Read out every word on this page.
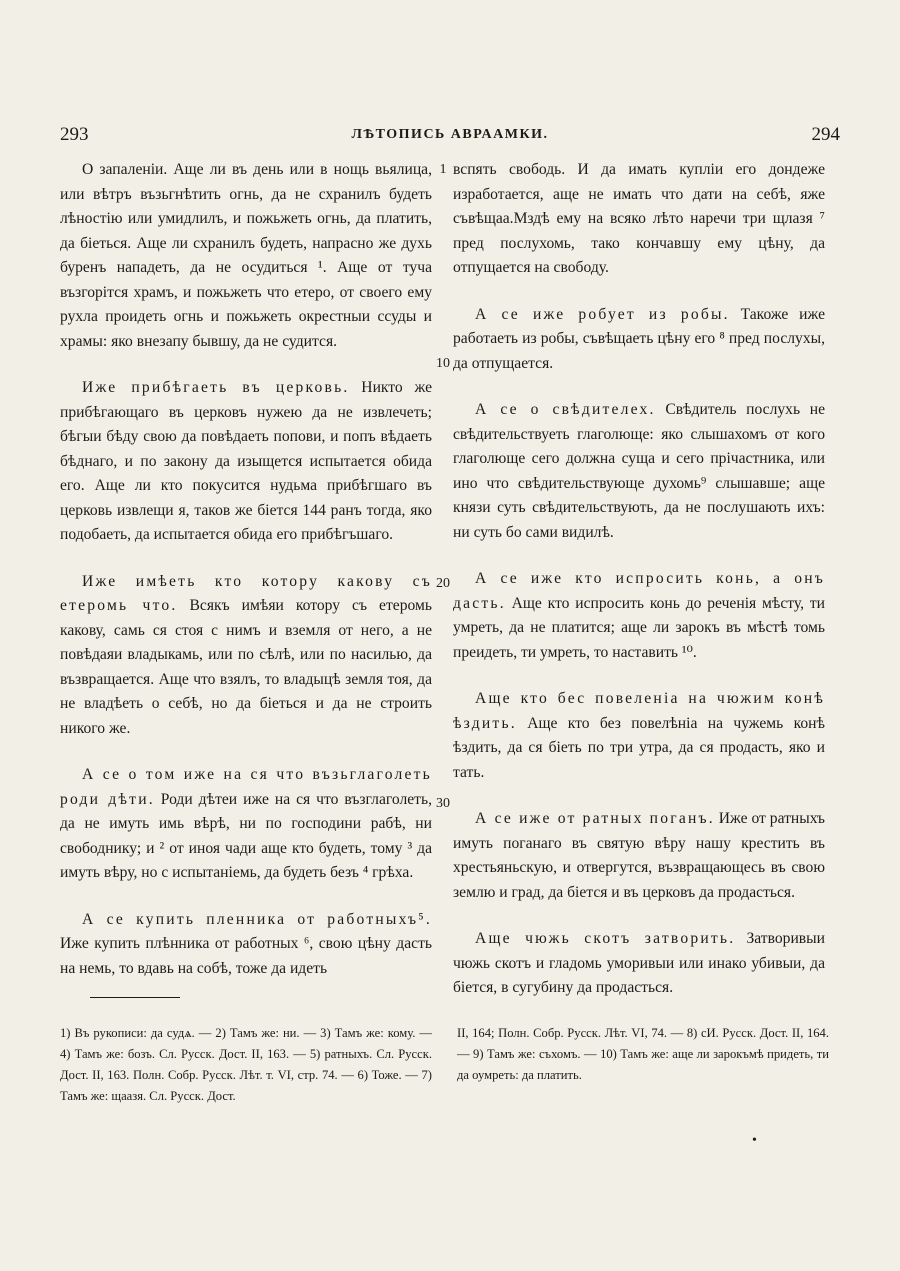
293	ЛѢТОПИСЬ АВРААМКИ.	294

О запаленiи. Аще ли въ день или в нощь вьялица, или вѣтръ възьгнѣтить огнь, да не схранилъ будеть лѣностiю или умидлилъ, и пожьжеть огнь, да платить, да бiеться. Аще ли схранилъ будеть, напрасно же духь буренъ нападеть, да не осудиться ¹. Аще от туча възгорiтся храмъ, и пожьжеть что етеро, от своего ему рухла проидеть огнь и пожьжеть окрестныи ссуды и храмы: яко внезапу бывшу, да не судится.

Иже прибѣгаеть въ церковь. Никто же прибѣгающаго въ церковъ нужею да не извлечеть; бѣгыи бѣду свою да повѣдаеть попови, и попъ вѣдаеть бѣднаго, и по закону да изыщется испытается обида его. Аще ли кто покусится нудьма прибѣгшаго въ церковь извлещи я, таков же бiется 144 ранъ тогда, яко подобаеть, да испытается обида его прибѣгъшаго.

Иже имѣеть кто котору какову съ етеромь что. Всякъ имѣяи котору съ етеромь какову, самь ся стоя с нимъ и вземля от него, а не повѣдаяи владыкамь, или по сѣлѣ, или по насилью, да възвращается. Аще что взялъ, то владыцѣ земля тоя, да не владѣеть о себѣ, но да бiеться и да не строить никого же.

А се о том иже на ся что възьглаголеть роди дѣти. Роди дѣтеи иже на ся что възглаголеть, да не имуть имь вѣрѣ, ни по господини рабѣ, ни свободнику; и ² от иноя чади аще кто будеть, тому ³ да имуть вѣру, но с испытанiемь, да будеть безъ ⁴ грѣха.

А се купить пленника от работныхъ⁵. Иже купить плѣнника от работных ⁶, свою цѣну дасть на немь, то вдавь на собѣ, тоже да идеть

1
10
20
30

вспять свободь. И да имать купліи его дондеже изработается, аще не имать что дати на себѣ, яже съвѣщаа.Мздѣ ему на всяко лѣто наречи три щлазя ⁷ пред послухомь, тако кончавшу ему цѣну, да отпущается на свободу.

А се иже робует из робы. Такоже иже работаеть из робы, съвѣщаеть цѣну его ⁸ пред послухы, да отпущается.

А се о свѣдителех. Свѣдитель послухь не свѣдительствуеть глаголюще: яко слышахомъ от кого глаголюще сего должна суща и сего прiчастника, или ино что свѣдительствующе духомь⁹ слышавше; аще князи суть свѣдительствують, да не послушають ихъ: ни суть бо сами видилѣ.

А се иже кто испросить конь, а онъ дасть. Аще кто испросить конь до реченiя мѣсту, ти умреть, да не платится; аще ли зарокъ въ мѣстѣ томь преидеть, ти умреть, то наставить ¹⁰.

Аще кто бес повеленiа на чюжим конѣ ѣздить. Аще кто без повелѣнiа на чужемь конѣ ѣздить, да ся бiеть по три утра, да ся продасть, яко и тать.

А се иже от ратных поганъ. Иже от ратныхъ имуть поганаго въ святую вѣру нашу крестить въ хрестьяньскую, и отвергутся, възвращающесь въ свою землю и град, да бiется и въ церковъ да продасться.

Аще чюжь скотъ затворить. Затворивыи чюжь скотъ и гладомь уморивыи или инако убивыи, да бiется, в сугубину да продасться.

1) Въ рукописи: да судѧ. — 2) Тамъ же: ни. — 3) Тамъ же: кому. — 4) Тамъ же: бозъ. Сл. Русск. Дост. II, 163. — 5) ратныхъ. Сл. Русск. Дост. II, 163. Полн. Собр. Русск. Лѣт. т. VI, стр. 74. — 6) Тоже. — 7) Тамъ же: щаазя. Сл. Русск. Дост.
II, 164; Полн. Собр. Русск. Лѣт. VI, 74. — 8) сИ. Русск. Дост. II, 164. — 9) Тамъ же: съхомъ. — 10) Тамъ же: аще ли зарокъмѣ придеть, ти да оумреть: да платить.
•
